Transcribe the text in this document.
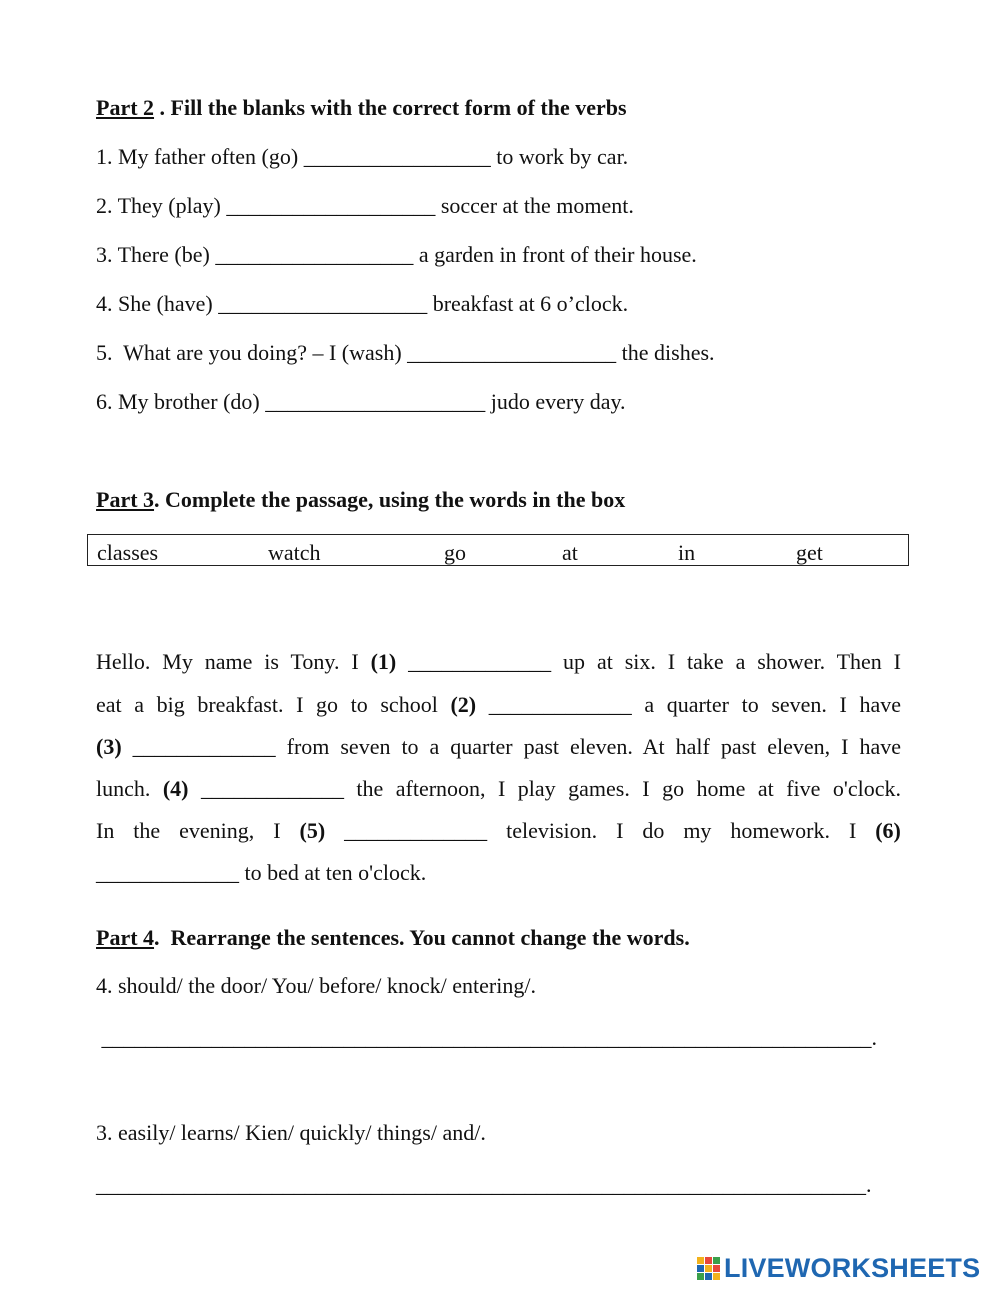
Part 2 . Fill the blanks with the correct form of the verbs
1. My father often (go) _________________ to work by car.
2. They (play) ___________________ soccer at the moment.
3. There (be) __________________ a garden in front of their house.
4. She (have) ___________________ breakfast at 6 o’clock.
5.  What are you doing? – I (wash) ___________________ the dishes.
6. My brother (do) ____________________ judo every day.
Part 3. Complete the passage, using the words in the box
classes	watch	go	at	in	get
Hello. My name is Tony. I (1) _____________ up at six. I take a shower. Then I
eat a big breakfast. I go to school (2) _____________ a quarter to seven. I have
(3) _____________ from seven to a quarter past eleven. At half past eleven, I have
lunch. (4) _____________ the afternoon, I play games. I go home at five o'clock.
In the evening, I (5) _____________ television. I do my homework. I (6)
_____________ to bed at ten o'clock.
Part 4.  Rearrange the sentences. You cannot change the words.
4. should/ the door/ You/ before/ knock/ entering/.
______________________________________________________________________.
3. easily/ learns/ Kien/ quickly/ things/ and/.
______________________________________________________________________.
LIVEWORKSHEETS
